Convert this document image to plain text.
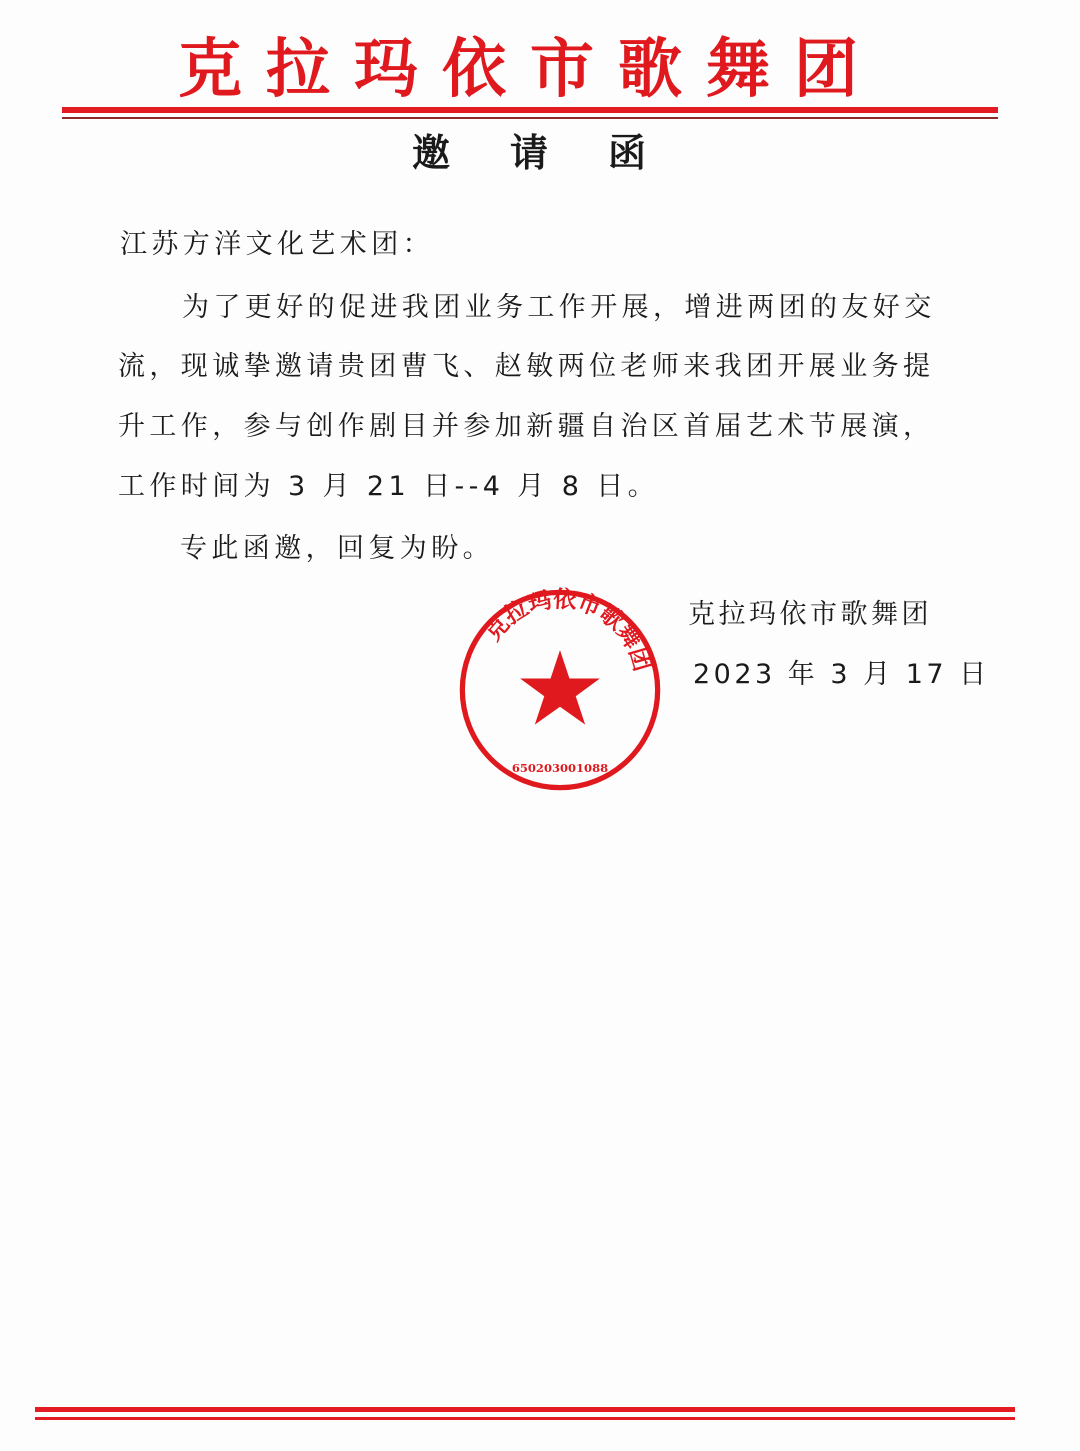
克拉玛依市歌舞团
邀请函
江苏方洋文化艺术团：
为了更好的促进我团业务工作开展，增进两团的友好交
流，现诚挚邀请贵团曹飞、赵敏两位老师来我团开展业务提
升工作，参与创作剧目并参加新疆自治区首届艺术节展演，
工作时间为 3 月 21 日--4 月 8 日。
专此函邀，回复为盼。
克拉玛依市歌舞团
650203001088
克拉玛依市歌舞团
2023 年 3 月 17 日
